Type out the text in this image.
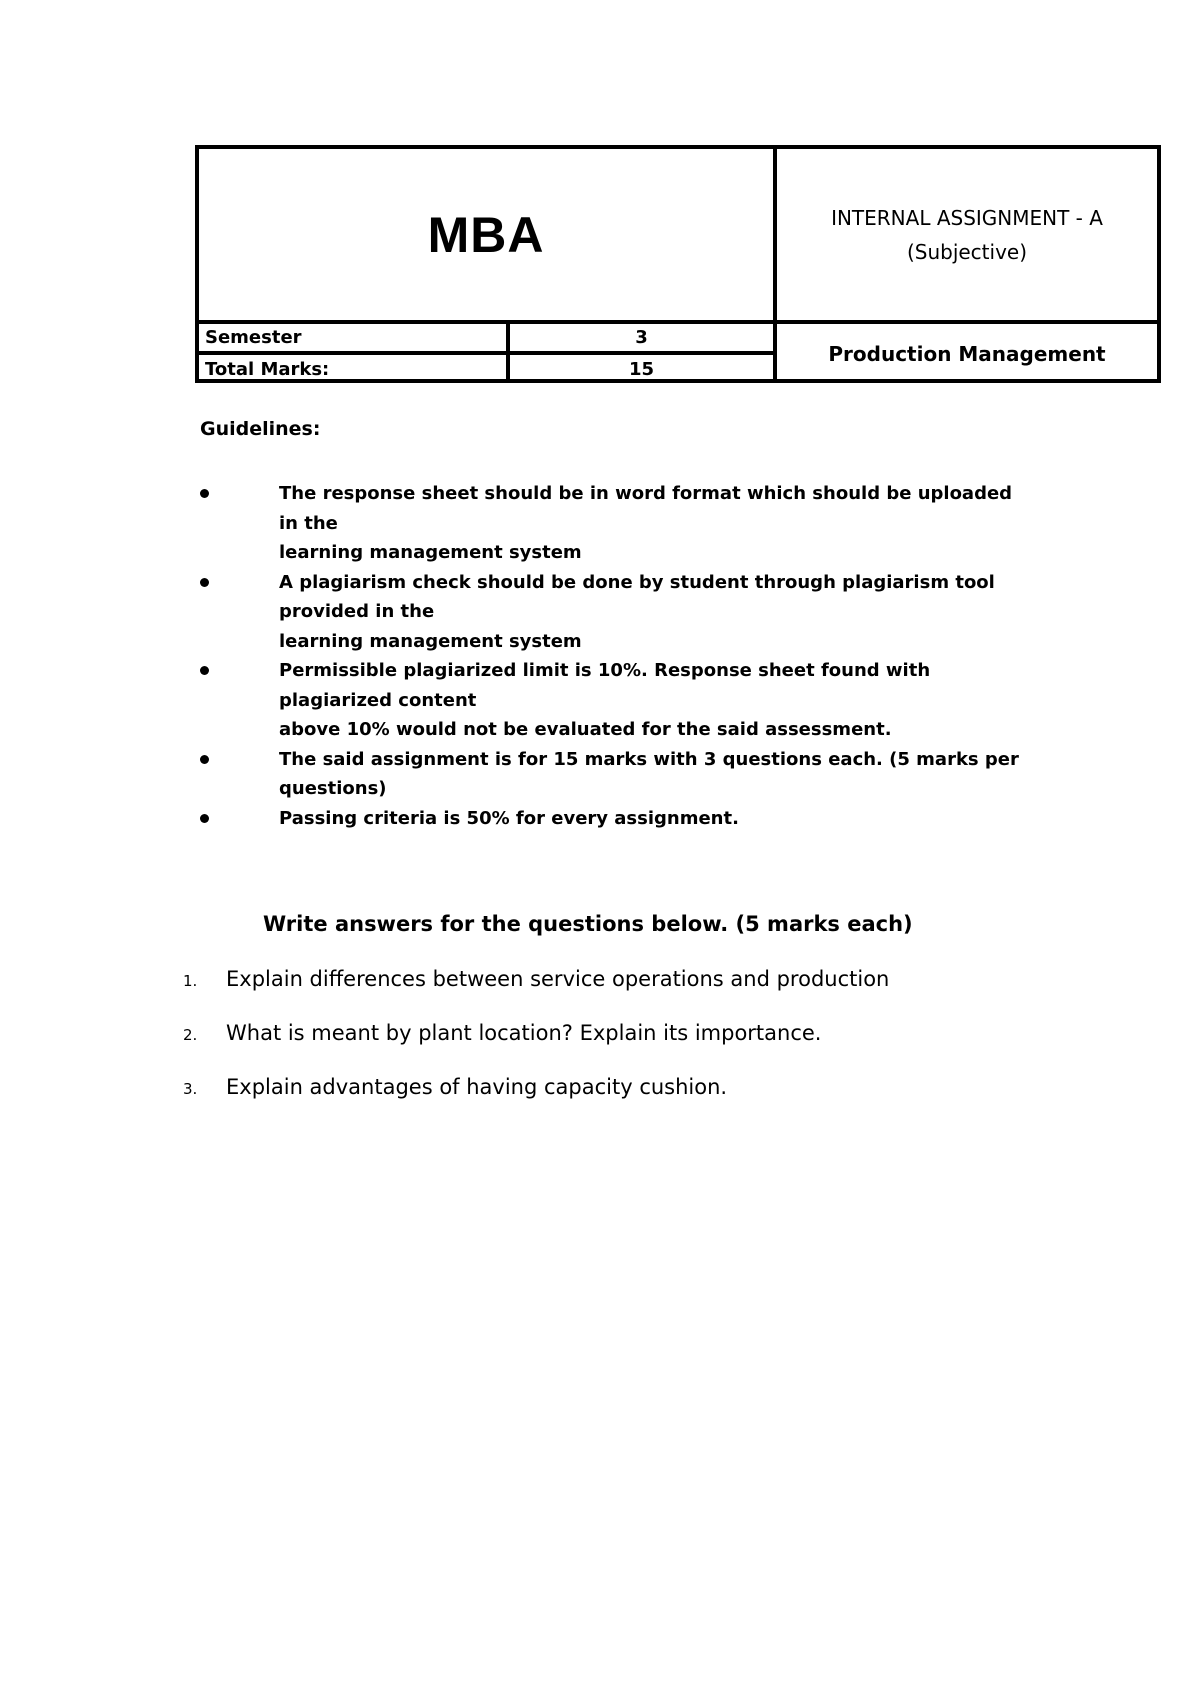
MBA	INTERNAL ASSIGNMENT - A
(Subjective)
Semester	3
Total Marks:	15
Production Management
Guidelines:
The response sheet should be in word format which should be uploaded in the
learning management system
A plagiarism check should be done by student through plagiarism tool provided in the
learning management system
Permissible plagiarized limit is 10%. Response sheet found with plagiarized content
above 10% would not be evaluated for the said assessment.
The said assignment is for 15 marks with 3 questions each. (5 marks per questions)
Passing criteria is 50% for every assignment.
Write answers for the questions below. (5 marks each)
1. Explain differences between service operations and production
2. What is meant by plant location? Explain its importance.
3. Explain advantages of having capacity cushion.
